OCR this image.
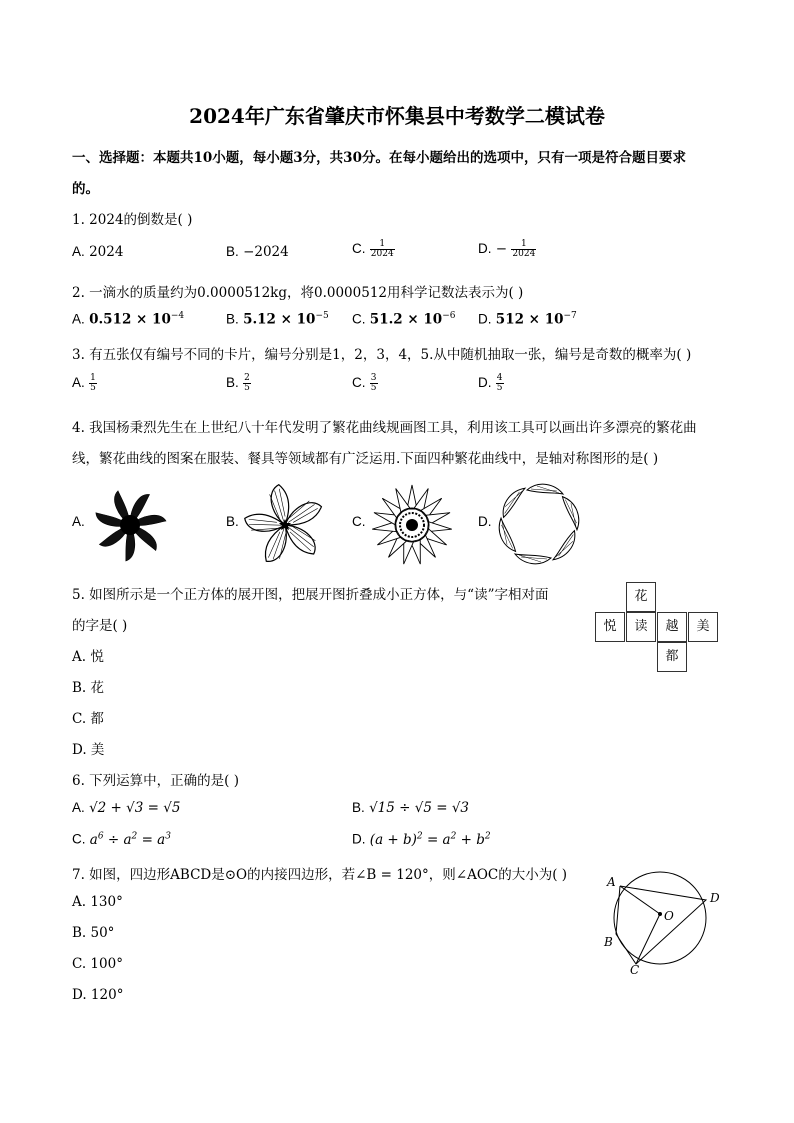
2024年广东省肇庆市怀集县中考数学二模试卷
一、选择题：本题共10小题，每小题3分，共30分。在每小题给出的选项中，只有一项是符合题目要求
的。
1. 2024的倒数是( )
A. 2024	B. −2024	C. $\frac{1}{2024}$	D. − $\frac{1}{2024}$
2. 一滴水的质量约为0.0000512kg，将0.0000512用科学记数法表示为( )
A. $0.512 \times 10^{-4}$	B. $5.12 \times 10^{-5}$ C. $51.2 \times 10^{-6}$ D. $512 \times 10^{-7}$
3. 有五张仅有编号不同的卡片，编号分别是1，2，3，4，5.从中随机抽取一张，编号是奇数的概率为( )
A. $\frac{1}{5}$	B. $\frac{2}{5}$	C. $\frac{3}{5}$	D. $\frac{4}{5}$
4. 我国杨秉烈先生在上世纪八十年代发明了繁花曲线规画图工具，利用该工具可以画出许多漂亮的繁花曲
线，繁花曲线的图案在服装、餐具等领域都有广泛运用.下面四种繁花曲线中，是轴对称图形的是( )
A.	B.	C.	D.
5. 如图所示是一个正方体的展开图，把展开图折叠成小正方体，与“读”字相对面
的字是( )
A. 悦
B. 花
C. 都
D. 美
花
悦	读	越	美
都
6. 下列运算中，正确的是( )
A. √2 + √3 = √5	B. √15 ÷ √5 = √3
C. $a^6 \div a^2 = a^3$	D. $(a + b)^2 = a^2 + b^2$
7. 如图，四边形ABCD是⊙O的内接四边形，若∠B = 120°，则∠AOC的大小为( )
A. 130°
B. 50°
C. 100°
D. 120°
A
D
O
B
C
